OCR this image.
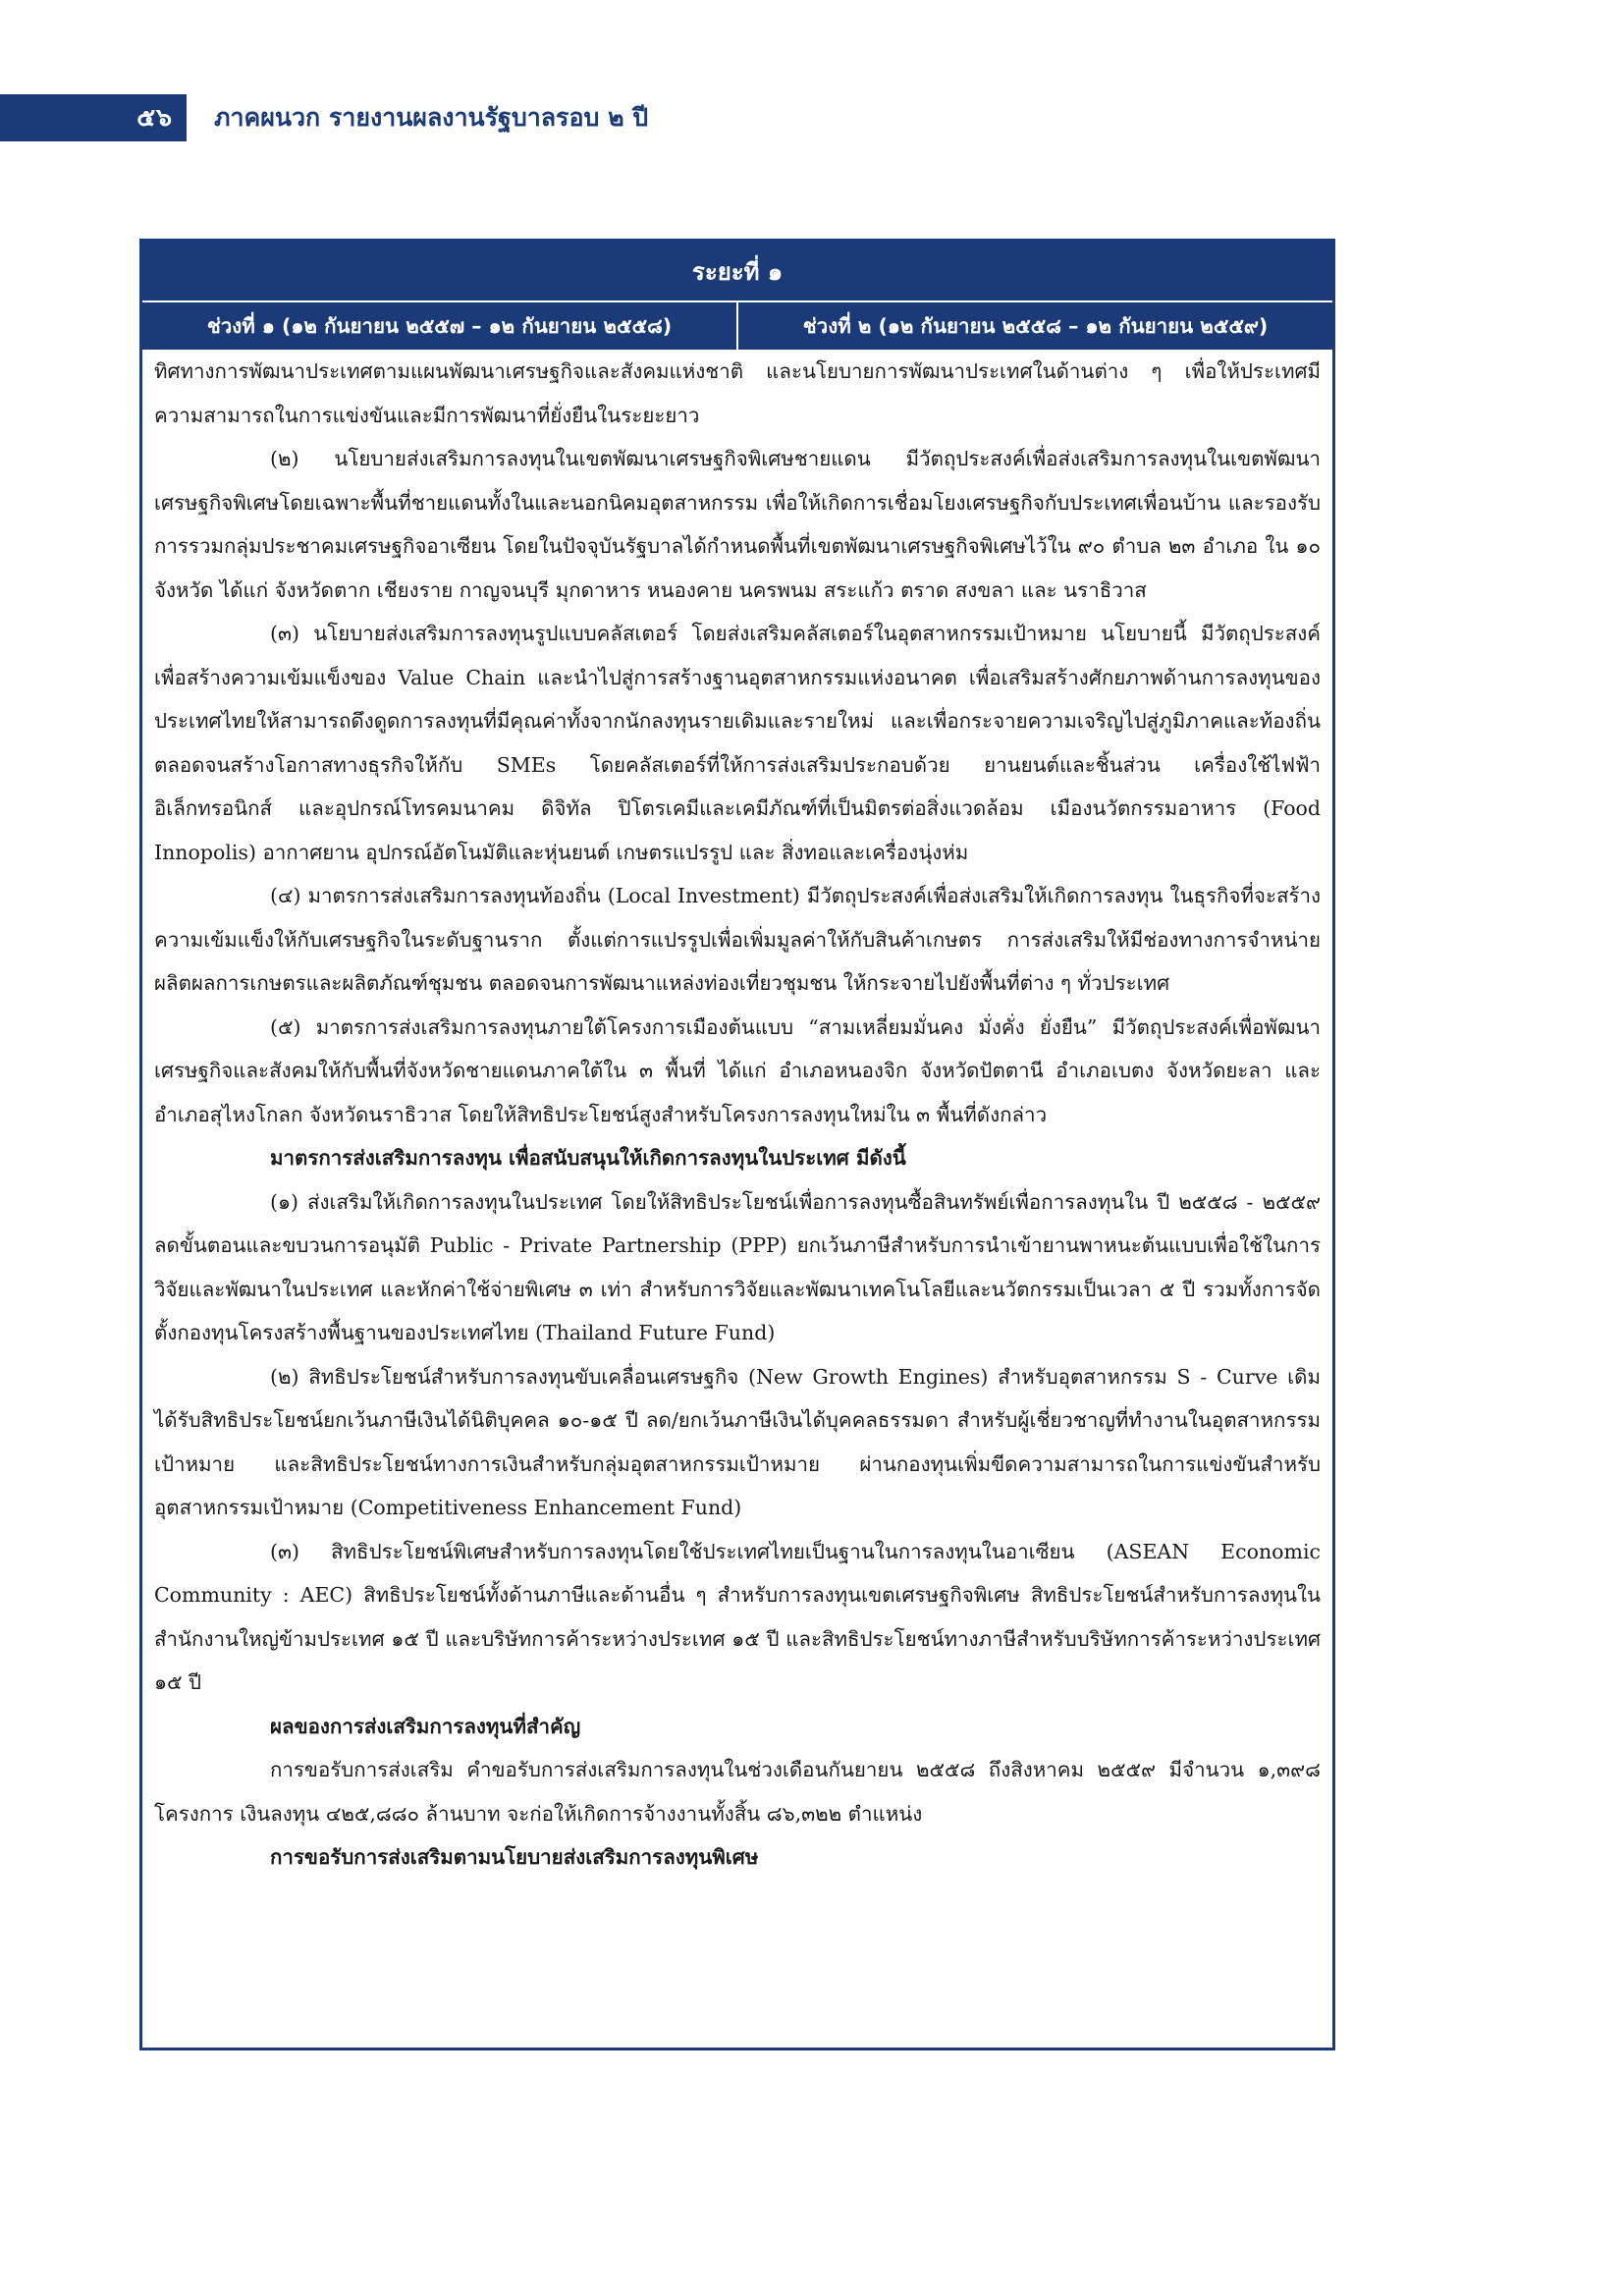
๕๖ ภาคผนวก รายงานผลงานรัฐบาลรอบ ๒ ปี
ระยะที่ ๑
ช่วงที่ ๑ (๑๒ กันยายน ๒๕๕๗ – ๑๒ กันยายน ๒๕๕๘)	ช่วงที่ ๒ (๑๒ กันยายน ๒๕๕๘ – ๑๒ กันยายน ๒๕๕๙)

ทิศทางการพัฒนาประเทศตามแผนพัฒนาเศรษฐกิจและสังคมแห่งชาติ และนโยบายการพัฒนาประเทศในด้านต่าง ๆ เพื่อให้ประเทศมีความสามารถในการแข่งขันและมีการพัฒนาที่ยั่งยืนในระยะยาว

(๒) นโยบายส่งเสริมการลงทุนในเขตพัฒนาเศรษฐกิจพิเศษชายแดน มีวัตถุประสงค์เพื่อส่งเสริมการลงทุนในเขตพัฒนาเศรษฐกิจพิเศษโดยเฉพาะพื้นที่ชายแดนทั้งในและนอกนิคมอุตสาหกรรม เพื่อให้เกิดการเชื่อมโยงเศรษฐกิจกับประเทศเพื่อนบ้าน และรองรับการรวมกลุ่มประชาคมเศรษฐกิจอาเซียน โดยในปัจจุบันรัฐบาลได้กำหนดพื้นที่เขตพัฒนาเศรษฐกิจพิเศษไว้ใน ๙๐ ตำบล ๒๓ อำเภอ ใน ๑๐ จังหวัด ได้แก่ จังหวัดตาก เชียงราย กาญจนบุรี มุกดาหาร หนองคาย นครพนม สระแก้ว ตราด สงขลา และ นราธิวาส

(๓) นโยบายส่งเสริมการลงทุนรูปแบบคลัสเตอร์ โดยส่งเสริมคลัสเตอร์ในอุตสาหกรรมเป้าหมาย นโยบายนี้ มีวัตถุประสงค์เพื่อสร้างความเข้มแข็งของ Value Chain และนำไปสู่การสร้างฐานอุตสาหกรรมแห่งอนาคต เพื่อเสริมสร้างศักยภาพด้านการลงทุนของประเทศไทยให้สามารถดึงดูดการลงทุนที่มีคุณค่าทั้งจากนักลงทุนรายเดิมและรายใหม่ และเพื่อกระจายความเจริญไปสู่ภูมิภาคและท้องถิ่น ตลอดจนสร้างโอกาสทางธุรกิจให้กับ SMEs โดยคลัสเตอร์ที่ให้การส่งเสริมประกอบด้วย ยานยนต์และชิ้นส่วน เครื่องใช้ไฟฟ้า อิเล็กทรอนิกส์ และอุปกรณ์โทรคมนาคม ดิจิทัล ปิโตรเคมีและเคมีภัณฑ์ที่เป็นมิตรต่อสิ่งแวดล้อม เมืองนวัตกรรมอาหาร (Food Innopolis) อากาศยาน อุปกรณ์อัตโนมัติและหุ่นยนต์ เกษตรแปรรูป และ สิ่งทอและเครื่องนุ่งห่ม

(๔) มาตรการส่งเสริมการลงทุนท้องถิ่น (Local Investment) มีวัตถุประสงค์เพื่อส่งเสริมให้เกิดการลงทุน ในธุรกิจที่จะสร้างความเข้มแข็งให้กับเศรษฐกิจในระดับฐานราก ตั้งแต่การแปรรูปเพื่อเพิ่มมูลค่าให้กับสินค้าเกษตร การส่งเสริมให้มีช่องทางการจำหน่ายผลิตผลการเกษตรและผลิตภัณฑ์ชุมชน ตลอดจนการพัฒนาแหล่งท่องเที่ยวชุมชน ให้กระจายไปยังพื้นที่ต่าง ๆ ทั่วประเทศ

(๕) มาตรการส่งเสริมการลงทุนภายใต้โครงการเมืองต้นแบบ “สามเหลี่ยมมั่นคง มั่งคั่ง ยั่งยืน” มีวัตถุประสงค์เพื่อพัฒนาเศรษฐกิจและสังคมให้กับพื้นที่จังหวัดชายแดนภาคใต้ใน ๓ พื้นที่ ได้แก่ อำเภอหนองจิก จังหวัดปัตตานี อำเภอเบตง จังหวัดยะลา และอำเภอสุไหงโกลก จังหวัดนราธิวาส โดยให้สิทธิประโยชน์สูงสำหรับโครงการลงทุนใหม่ใน ๓ พื้นที่ดังกล่าว

มาตรการส่งเสริมการลงทุน เพื่อสนับสนุนให้เกิดการลงทุนในประเทศ มีดังนี้

(๑) ส่งเสริมให้เกิดการลงทุนในประเทศ โดยให้สิทธิประโยชน์เพื่อการลงทุนซื้อสินทรัพย์เพื่อการลงทุนใน ปี ๒๕๕๘ - ๒๕๕๙ ลดขั้นตอนและขบวนการอนุมัติ Public - Private Partnership (PPP) ยกเว้นภาษีสำหรับการนำเข้ายานพาหนะต้นแบบเพื่อใช้ในการวิจัยและพัฒนาในประเทศ และหักค่าใช้จ่ายพิเศษ ๓ เท่า สำหรับการวิจัยและพัฒนาเทคโนโลยีและนวัตกรรมเป็นเวลา ๕ ปี รวมทั้งการจัดตั้งกองทุนโครงสร้างพื้นฐานของประเทศไทย (Thailand Future Fund)

(๒) สิทธิประโยชน์สำหรับการลงทุนขับเคลื่อนเศรษฐกิจ (New Growth Engines) สำหรับอุตสาหกรรม S - Curve เดิม ได้รับสิทธิประโยชน์ยกเว้นภาษีเงินได้นิติบุคคล ๑๐-๑๕ ปี ลด/ยกเว้นภาษีเงินได้บุคคลธรรมดา สำหรับผู้เชี่ยวชาญที่ทำงานในอุตสาหกรรมเป้าหมาย และสิทธิประโยชน์ทางการเงินสำหรับกลุ่มอุตสาหกรรมเป้าหมาย ผ่านกองทุนเพิ่มขีดความสามารถในการแข่งขันสำหรับอุตสาหกรรมเป้าหมาย (Competitiveness Enhancement Fund)

(๓) สิทธิประโยชน์พิเศษสำหรับการลงทุนโดยใช้ประเทศไทยเป็นฐานในการลงทุนในอาเซียน (ASEAN Economic Community : AEC) สิทธิประโยชน์ทั้งด้านภาษีและด้านอื่น ๆ สำหรับการลงทุนเขตเศรษฐกิจพิเศษ สิทธิประโยชน์สำหรับการลงทุนในสำนักงานใหญ่ข้ามประเทศ ๑๕ ปี และบริษัทการค้าระหว่างประเทศ ๑๕ ปี และสิทธิประโยชน์ทางภาษีสำหรับบริษัทการค้าระหว่างประเทศ ๑๕ ปี

ผลของการส่งเสริมการลงทุนที่สำคัญ

การขอรับการส่งเสริม คำขอรับการส่งเสริมการลงทุนในช่วงเดือนกันยายน ๒๕๕๘ ถึงสิงหาคม ๒๕๕๙ มีจำนวน ๑,๓๙๘ โครงการ เงินลงทุน ๔๒๕,๘๘๐ ล้านบาท จะก่อให้เกิดการจ้างงานทั้งสิ้น ๘๖,๓๒๒ ตำแหน่ง

การขอรับการส่งเสริมตามนโยบายส่งเสริมการลงทุนพิเศษ
